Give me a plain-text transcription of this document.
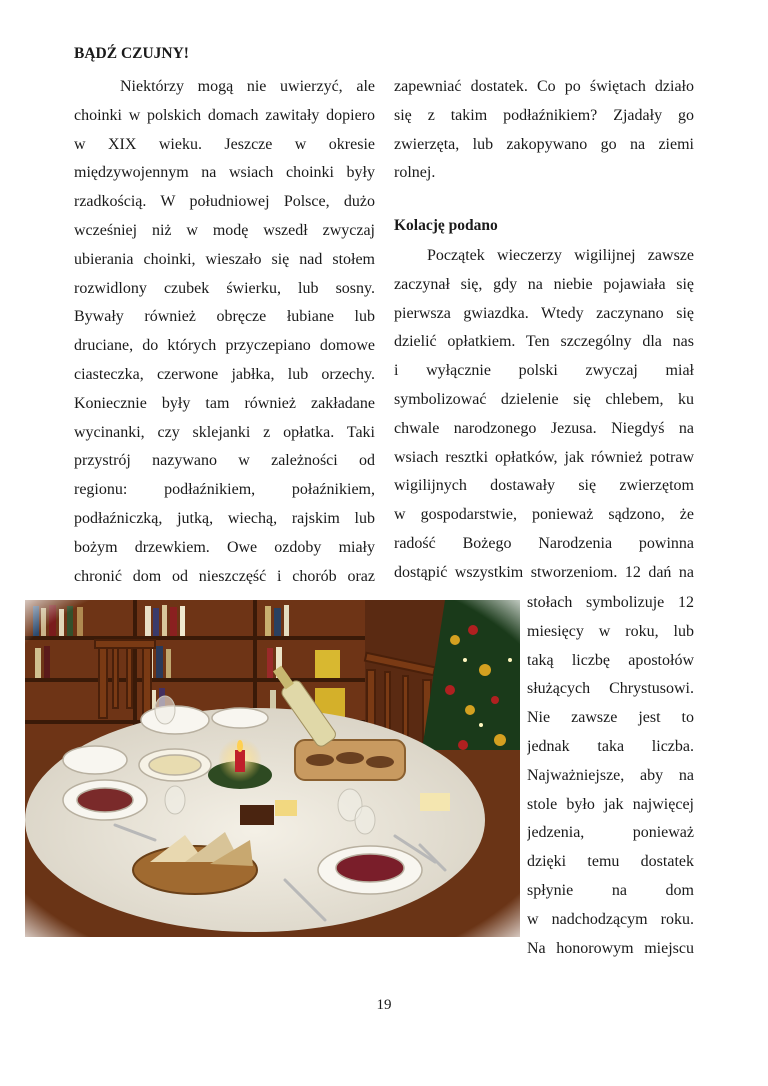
BĄDŹ CZUJNY!
Niektórzy mogą nie uwierzyć, ale
choinki w polskich domach zawitały dopiero
w XIX wieku. Jeszcze w okresie
międzywojennym na wsiach choinki były
rzadkością. W południowej Polsce, dużo
wcześniej niż w modę wszedł zwyczaj
ubierania choinki, wieszało się nad stołem
rozwidlony czubek świerku, lub sosny.
Bywały również obręcze łubiane lub
druciane, do których przyczepiano domowe
ciasteczka, czerwone jabłka, lub orzechy.
Koniecznie były tam również zakładane
wycinanki, czy sklejanki z opłatka. Taki
przystrój nazywano w zależności od
regionu: podłaźnikiem, połaźnikiem,
podłaźniczką, jutką, wiechą, rajskim lub
bożym drzewkiem. Owe ozdoby miały
chronić dom od nieszczęść i chorób oraz
zapewniać dostatek. Co po świętach działo
się z takim podłaźnikiem? Zjadały go
zwierzęta, lub zakopywano go na ziemi
rolnej.
Kolację podano
Początek wieczerzy wigilijnej zawsze
zaczynał się, gdy na niebie pojawiała się
pierwsza gwiazdka. Wtedy zaczynano się
dzielić opłatkiem. Ten szczególny dla nas
i wyłącznie polski zwyczaj miał
symbolizować dzielenie się chlebem, ku
chwale narodzonego Jezusa. Niegdyś na
wsiach resztki opłatków, jak również potraw
wigilijnych dostawały się zwierzętom
w gospodarstwie, ponieważ sądzono, że
radość Bożego Narodzenia powinna
dostąpić wszystkim stworzeniom. 12 dań na
stołach symbolizuje 12
miesięcy w roku, lub
taką liczbę apostołów
służących Chrystusowi.
Nie zawsze jest to
jednak taka liczba.
Najważniejsze, aby na
stole było jak najwięcej
jedzenia, ponieważ
dzięki temu dostatek
spłynie na dom
w nadchodzącym roku.
Na honorowym miejscu
19
